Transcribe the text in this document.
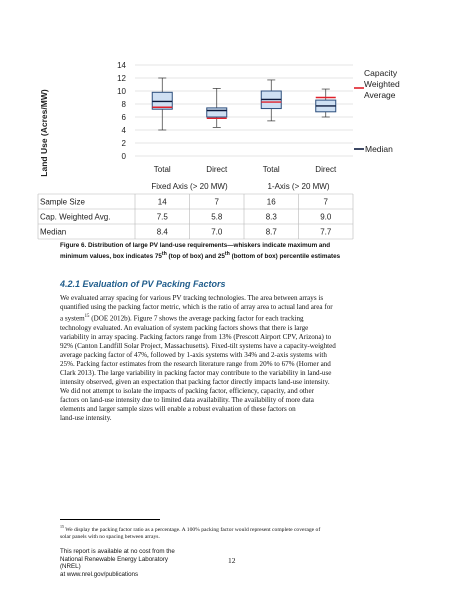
0
2
4
6
8
10
12
14
Land Use (Acres/MW)	Total	Direct	Total	Direct
Fixed Axis (> 20 MW)	1-Axis (> 20 MW)
Capacity Weighted Average
Median
Sample Size	14	7	16	7
Cap. Weighted Avg.	7.5	5.8	8.3	9.0
Median	8.4	7.0	8.7	7.7
Figure 6. Distribution of large PV land-use requirements—whiskers indicate maximum and
minimum values, box indicates 75th (top of box) and 25th (bottom of box) percentile estimates
4.2.1 Evaluation of PV Packing Factors
We evaluated array spacing for various PV tracking technologies. The area between arrays is
quantified using the packing factor metric, which is the ratio of array area to actual land area for
a system$^{15}$ (DOE 2012b). Figure 7 shows the average packing factor for each tracking
technology evaluated. An evaluation of system packing factors shows that there is large
variability in array spacing. Packing factors range from 13% (Prescott Airport CPV, Arizona) to
92% (Canton Landfill Solar Project, Massachusetts). Fixed-tilt systems have a capacity-weighted
average packing factor of 47%, followed by 1-axis systems with 34% and 2-axis systems with
25%. Packing factor estimates from the research literature range from 20% to 67% (Horner and
Clark 2013). The large variability in packing factor may contribute to the variability in land-use
intensity observed, given an expectation that packing factor directly impacts land-use intensity.
We did not attempt to isolate the impacts of packing factor, efficiency, capacity, and other
factors on land-use intensity due to limited data availability. The availability of more data
elements and larger sample sizes will enable a robust evaluation of these factors on
land-use intensity.
$^{15}$ We display the packing factor ratio as a percentage. A 100% packing factor would represent complete coverage of
solar panels with no spacing between arrays.
This report is available at no cost from the
National Renewable Energy Laboratory (NREL)
at www.nrel.gov/publications
12
